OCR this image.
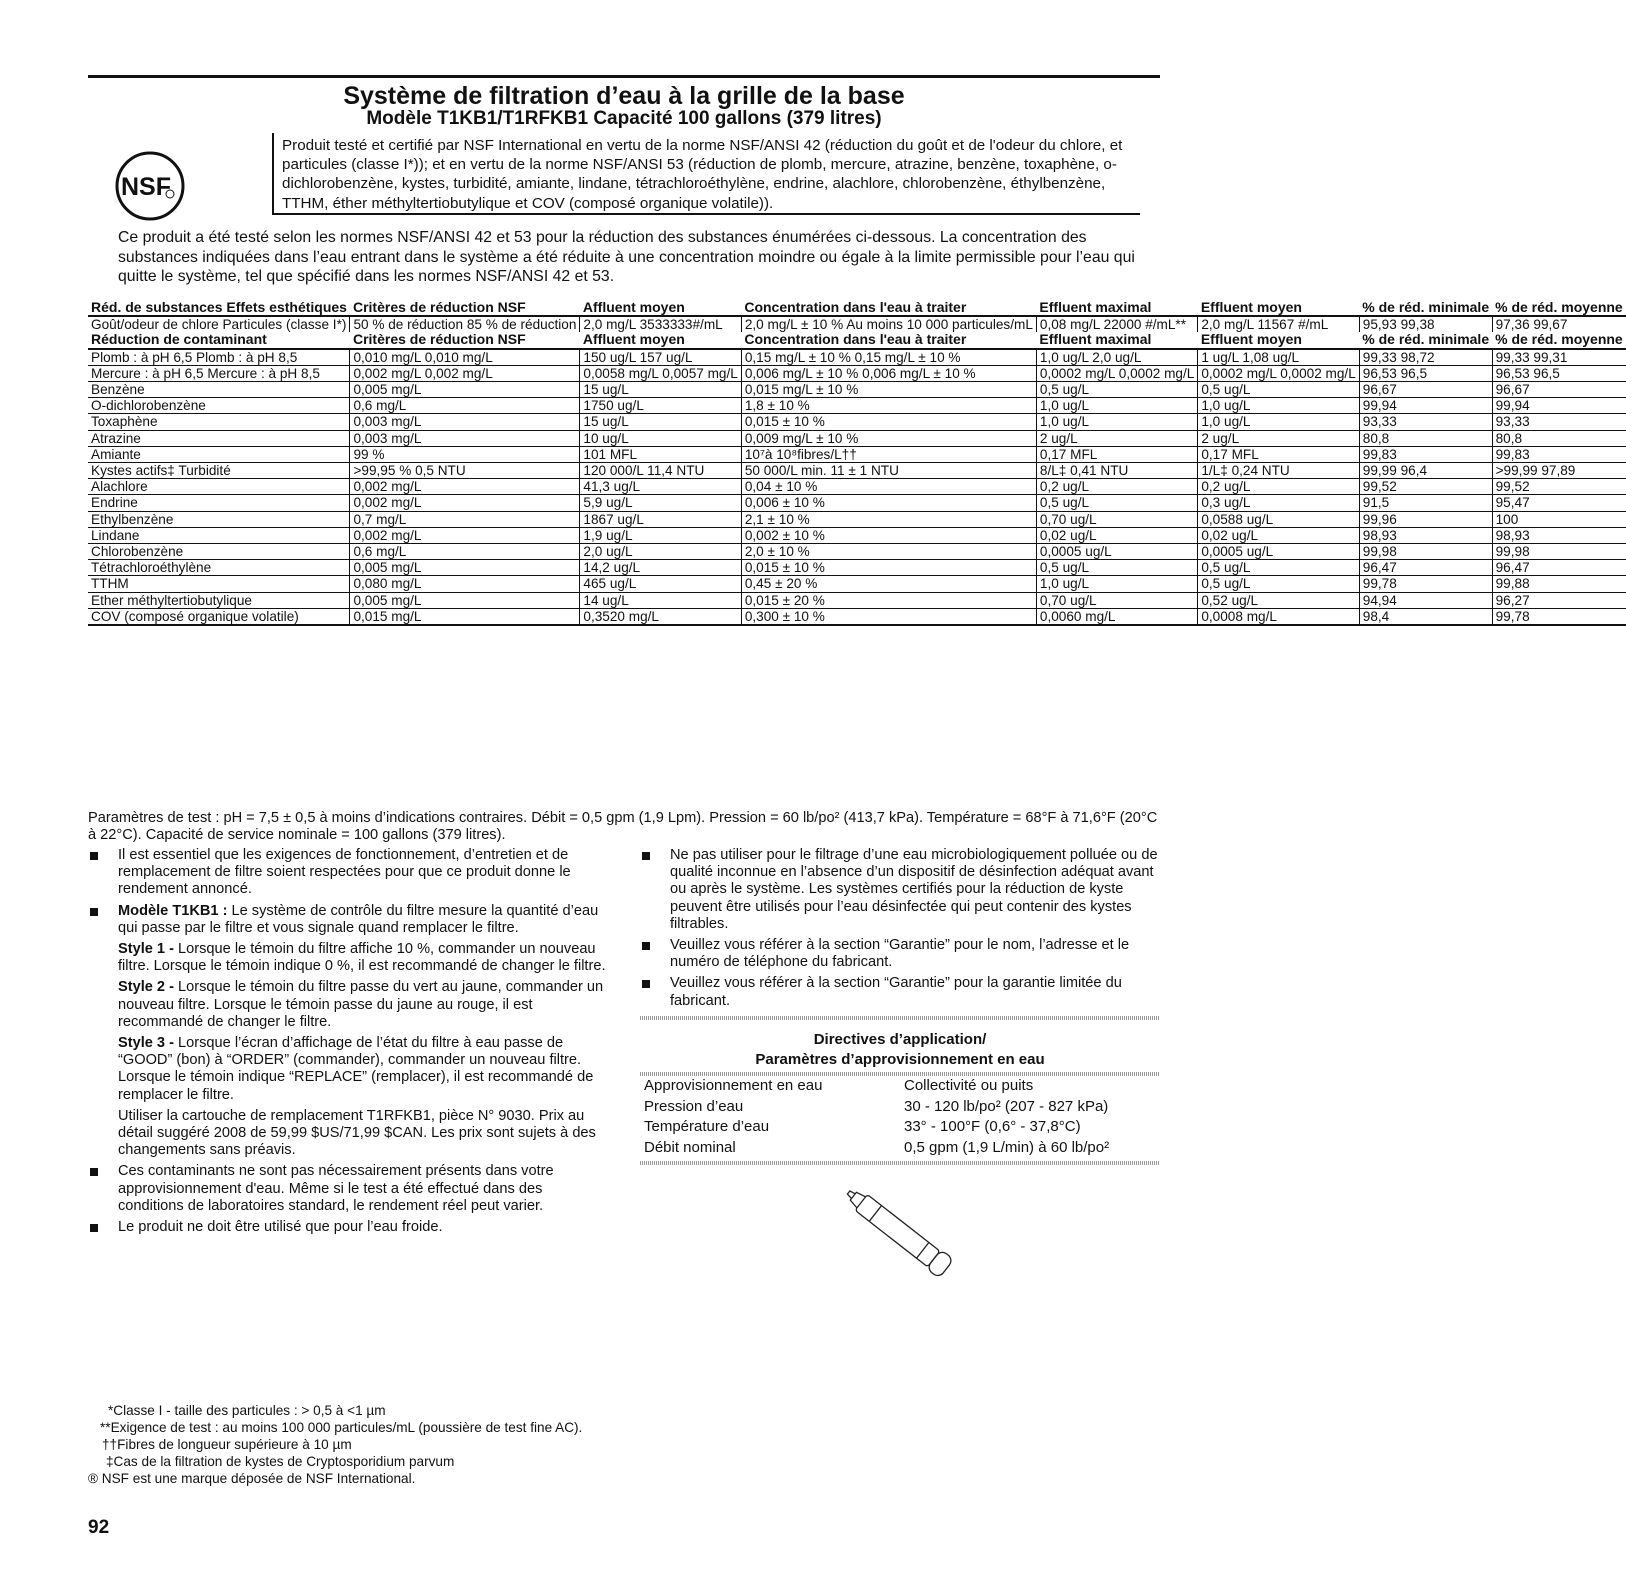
Système de filtration d’eau à la grille de la base
Modèle T1KB1/T1RFKB1 Capacité 100 gallons (379 litres)
NSF
Produit testé et certifié par NSF International en vertu de la norme NSF/ANSI 42 (réduction du goût et de l'odeur du chlore, et particules (classe I*)); et en vertu de la norme NSF/ANSI 53 (réduction de plomb, mercure, atrazine, benzène, toxaphène, o-dichlorobenzène, kystes, turbidité, amiante, lindane, tétrachloroéthylène, endrine, alachlore, chlorobenzène, éthylbenzène, TTHM, éther méthyltertiobutylique et COV (composé organique volatile)).
Ce produit a été testé selon les normes NSF/ANSI 42 et 53 pour la réduction des substances énumérées ci-dessous. La concentration des substances indiquées dans l’eau entrant dans le système a été réduite à une concentration moindre ou égale à la limite permissible pour l’eau qui quitte le système, tel que spécifié dans les normes NSF/ANSI 42 et 53.
Réd. de substances Effets esthétiques	Critères de réduction NSF	Affluent moyen	Concentration dans l'eau à traiter	Effluent maximal	Effluent moyen	% de réd. minimale	% de réd. moyenne
Goût/odeur de chlore Particules (classe I*)	50 % de réduction 85 % de réduction	2,0 mg/L 3533333#/mL	2,0 mg/L ± 10 % Au moins 10 000 particules/mL	0,08 mg/L 22000 #/mL**	2,0 mg/L 11567 #/mL	95,93 99,38	97,36 99,67
Réduction de contaminant	Critères de réduction NSF	Affluent moyen	Concentration dans l'eau à traiter	Effluent maximal	Effluent moyen	% de réd. minimale	% de réd. moyenne
Plomb : à pH 6,5 Plomb : à pH 8,5	0,010 mg/L 0,010 mg/L	150 ug/L 157 ug/L	0,15 mg/L ± 10 % 0,15 mg/L ± 10 %	1,0 ug/L 2,0 ug/L	1 ug/L 1,08 ug/L	99,33 98,72	99,33 99,31
Mercure : à pH 6,5 Mercure : à pH 8,5	0,002 mg/L 0,002 mg/L	0,0058 mg/L 0,0057 mg/L	0,006 mg/L ± 10 % 0,006 mg/L ± 10 %	0,0002 mg/L 0,0002 mg/L	0,0002 mg/L 0,0002 mg/L	96,53 96,5	96,53 96,5
Benzène	0,005 mg/L	15 ug/L	0,015 mg/L ± 10 %	0,5 ug/L	0,5 ug/L	96,67	96,67
O-dichlorobenzène	0,6 mg/L	1750 ug/L	1,8 ± 10 %	1,0 ug/L	1,0 ug/L	99,94	99,94
Toxaphène	0,003 mg/L	15 ug/L	0,015 ± 10 %	1,0 ug/L	1,0 ug/L	93,33	93,33
Atrazine	0,003 mg/L	10 ug/L	0,009 mg/L ± 10 %	2 ug/L	2 ug/L	80,8	80,8
Amiante	99 %	101 MFL	10⁷à 10⁸fibres/L††	0,17 MFL	0,17 MFL	99,83	99,83
Kystes actifs‡ Turbidité	>99,95 % 0,5 NTU	120 000/L 11,4 NTU	50 000/L min. 11 ± 1 NTU	8/L‡ 0,41 NTU	1/L‡ 0,24 NTU	99,99 96,4	>99,99 97,89
Alachlore	0,002 mg/L	41,3 ug/L	0,04 ± 10 %	0,2 ug/L	0,2 ug/L	99,52	99,52
Endrine	0,002 mg/L	5,9 ug/L	0,006 ± 10 %	0,5 ug/L	0,3 ug/L	91,5	95,47
Ethylbenzène	0,7 mg/L	1867 ug/L	2,1 ± 10 %	0,70 ug/L	0,0588 ug/L	99,96	100
Lindane	0,002 mg/L	1,9 ug/L	0,002 ± 10 %	0,02 ug/L	0,02 ug/L	98,93	98,93
Chlorobenzène	0,6 mg/L	2,0 ug/L	2,0 ± 10 %	0,0005 ug/L	0,0005 ug/L	99,98	99,98
Tétrachloroéthylène	0,005 mg/L	14,2 ug/L	0,015 ± 10 %	0,5 ug/L	0,5 ug/L	96,47	96,47
TTHM	0,080 mg/L	465 ug/L	0,45 ± 20 %	1,0 ug/L	0,5 ug/L	99,78	99,88
Ether méthyltertiobutylique	0,005 mg/L	14 ug/L	0,015 ± 20 %	0,70 ug/L	0,52 ug/L	94,94	96,27
COV (composé organique volatile)	0,015 mg/L	0,3520 mg/L	0,300 ± 10 %	0,0060 mg/L	0,0008 mg/L	98,4	99,78
Paramètres de test : pH = 7,5 ± 0,5 à moins d’indications contraires. Débit = 0,5 gpm (1,9 Lpm). Pression = 60 lb/po² (413,7 kPa). Température = 68°F à 71,6°F (20°C à 22°C). Capacité de service nominale = 100 gallons (379 litres).
Il est essentiel que les exigences de fonctionnement, d’entretien et de remplacement de filtre soient respectées pour que ce produit donne le rendement annoncé.
Modèle T1KB1 : Le système de contrôle du filtre mesure la quantité d’eau qui passe par le filtre et vous signale quand remplacer le filtre.
Style 1 - Lorsque le témoin du filtre affiche 10 %, commander un nouveau filtre. Lorsque le témoin indique 0 %, il est recommandé de changer le filtre.
Style 2 - Lorsque le témoin du filtre passe du vert au jaune, commander un nouveau filtre. Lorsque le témoin passe du jaune au rouge, il est recommandé de changer le filtre.
Style 3 - Lorsque l’écran d’affichage de l’état du filtre à eau passe de “GOOD” (bon) à “ORDER” (commander), commander un nouveau filtre. Lorsque le témoin indique “REPLACE” (remplacer), il est recommandé de remplacer le filtre.
Utiliser la cartouche de remplacement T1RFKB1, pièce N° 9030. Prix au détail suggéré 2008 de 59,99 $US/71,99 $CAN. Les prix sont sujets à des changements sans préavis.
Ces contaminants ne sont pas nécessairement présents dans votre approvisionnement d'eau. Même si le test a été effectué dans des conditions de laboratoires standard, le rendement réel peut varier.
Le produit ne doit être utilisé que pour l’eau froide.
Ne pas utiliser pour le filtrage d’une eau microbiologiquement polluée ou de qualité inconnue en l’absence d’un dispositif de désinfection adéquat avant ou après le système. Les systèmes certifiés pour la réduction de kyste peuvent être utilisés pour l’eau désinfectée qui peut contenir des kystes filtrables.
Veuillez vous référer à la section “Garantie” pour le nom, l’adresse et le numéro de téléphone du fabricant.
Veuillez vous référer à la section “Garantie” pour la garantie limitée du fabricant.
Directives d’application/
Paramètres d’approvisionnement en eau
Approvisionnement en eau	Collectivité ou puits
Pression d’eau	30 - 120 lb/po² (207 - 827 kPa)
Température d’eau	33° - 100°F (0,6° - 37,8°C)
Débit nominal	0,5 gpm (1,9 L/min) à 60 lb/po²
*Classe I - taille des particules : > 0,5 à <1 µm
**Exigence de test : au moins 100 000 particules/mL (poussière de test fine AC).
††Fibres de longueur supérieure à 10 µm
‡Cas de la filtration de kystes de Cryptosporidium parvum
® NSF est une marque déposée de NSF International.
92
